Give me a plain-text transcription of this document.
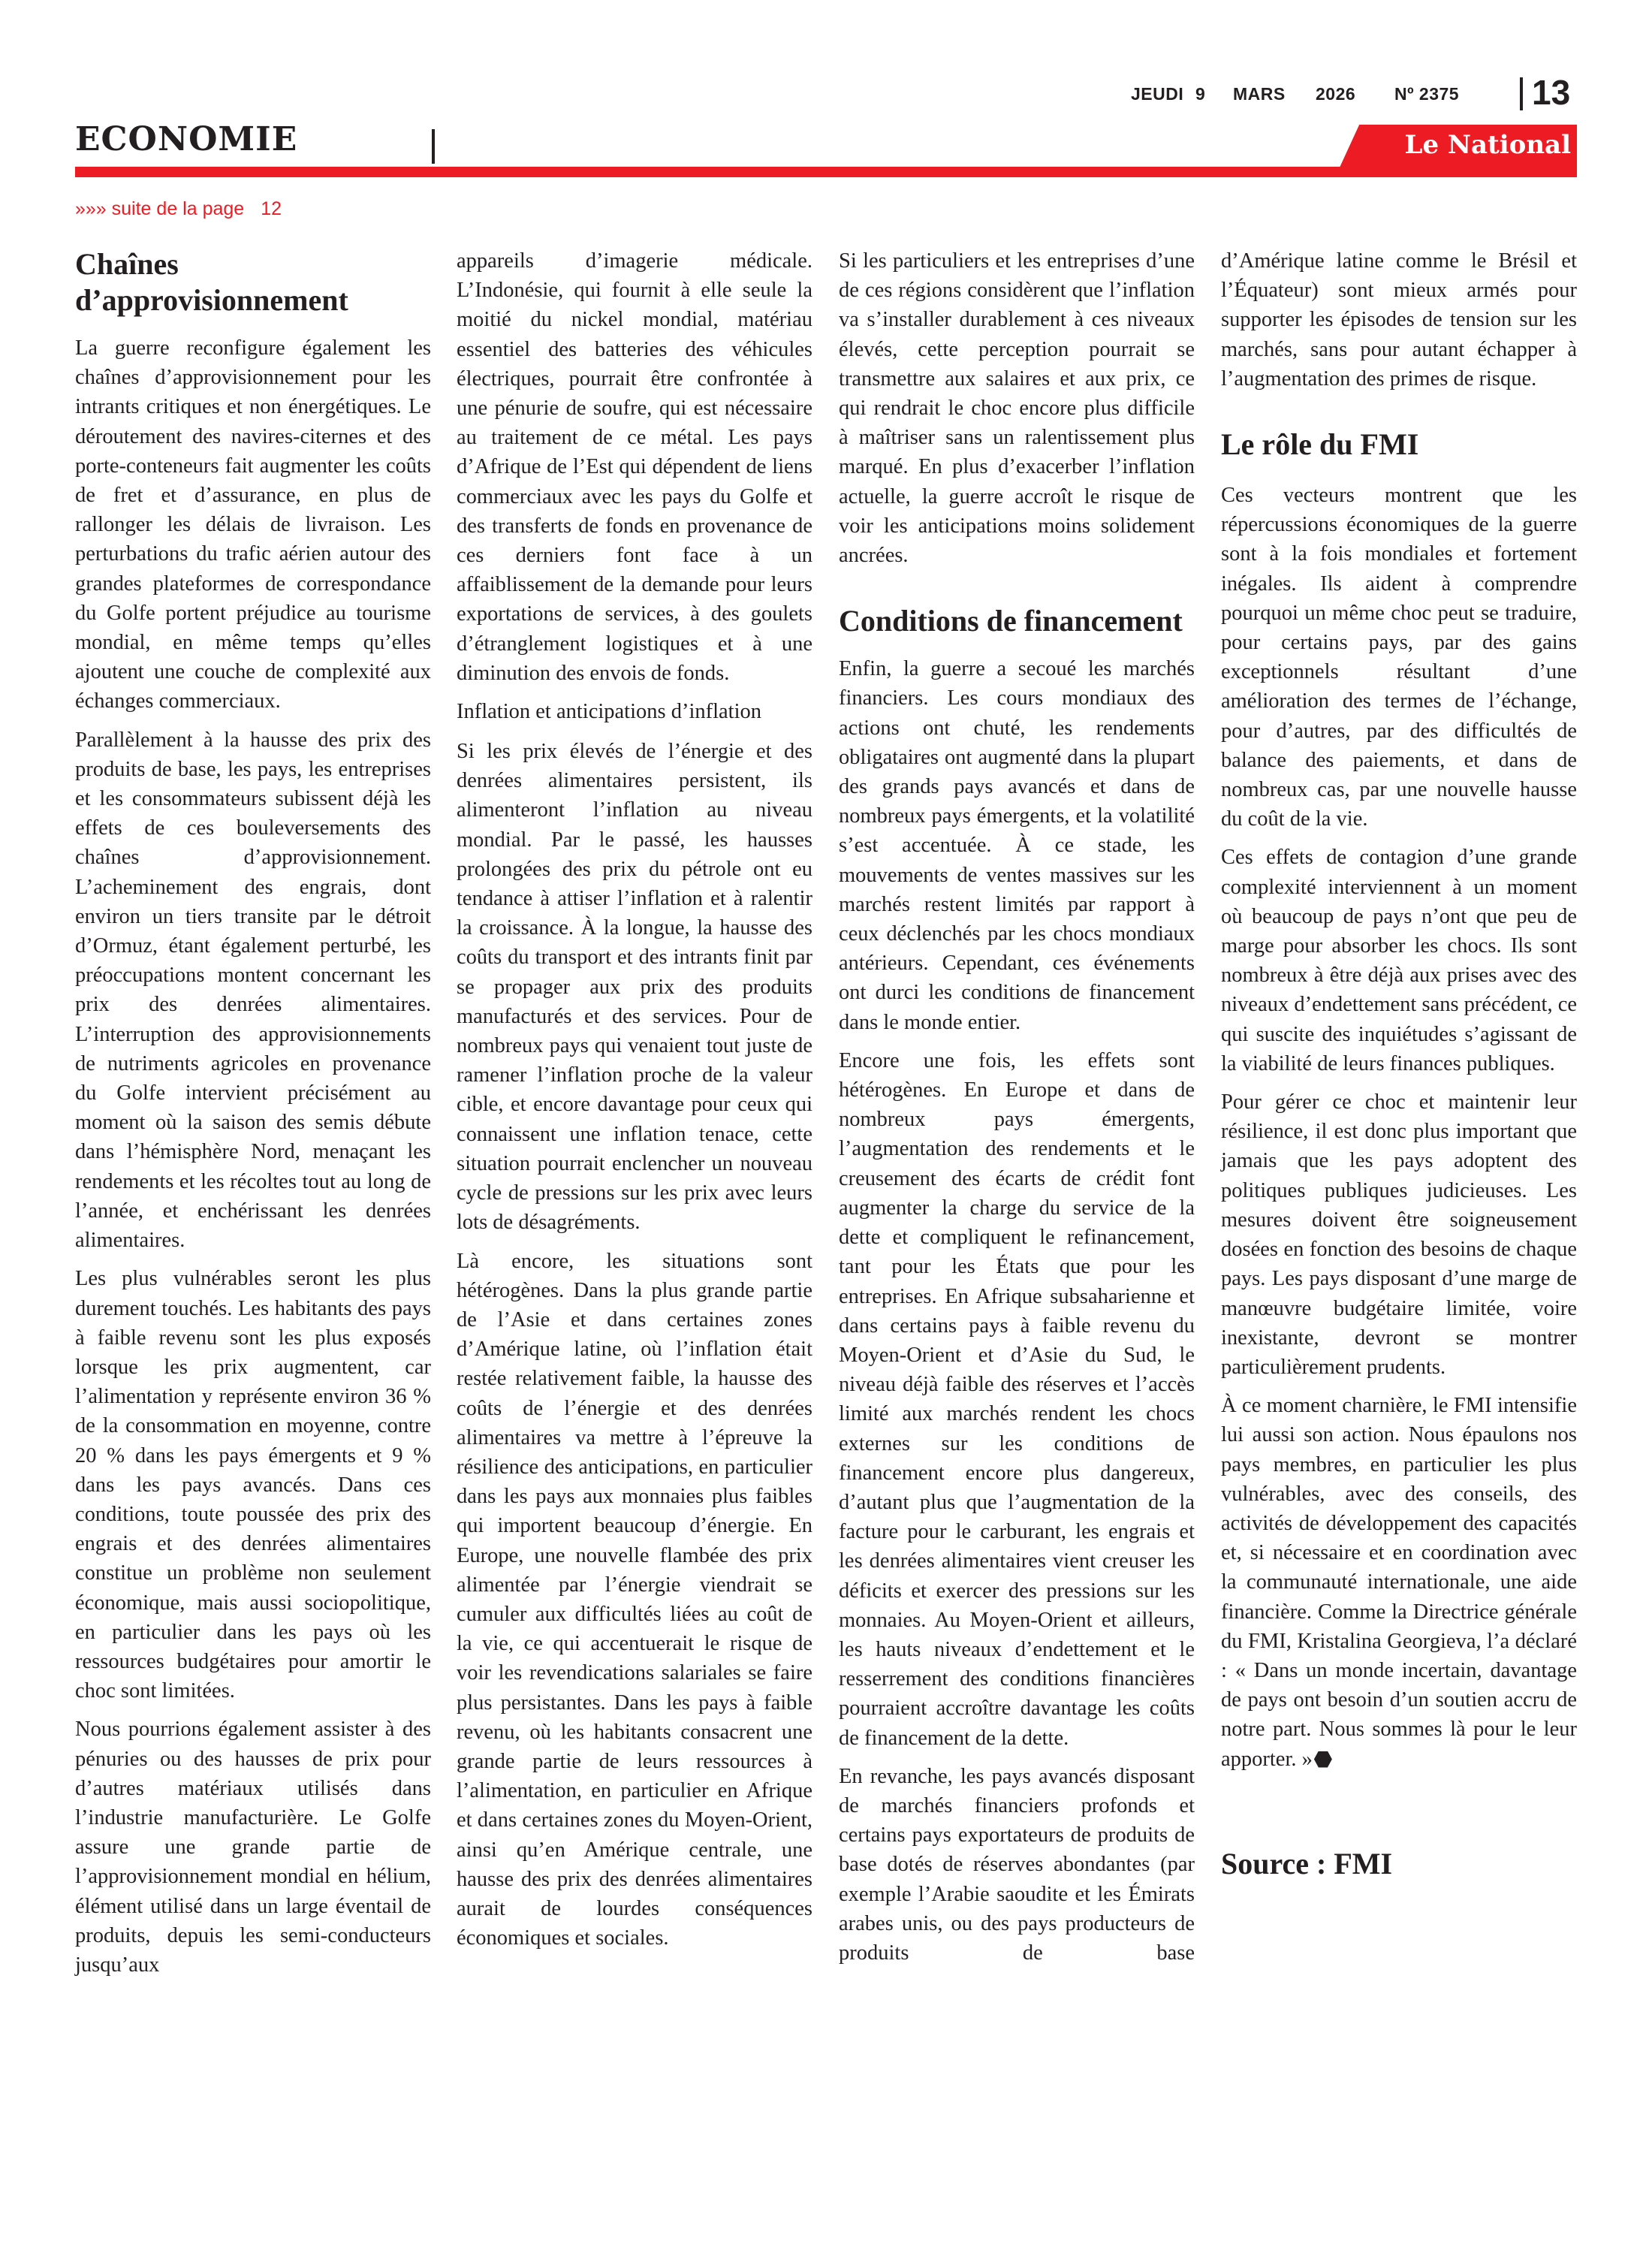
JEUDI 9	MARS	2026	Nº 2375 13
ECONOMIE	Le National
»»» suite de la page 12
Chaînes d’approvisionnement

La guerre reconfigure également les chaînes d’approvisionnement pour les intrants critiques et non énergétiques. Le déroutement des navires-citernes et des porte-conteneurs fait augmenter les coûts de fret et d’assurance, en plus de rallonger les délais de livraison. Les perturbations du trafic aérien autour des grandes plateformes de correspondance du Golfe portent préjudice au tourisme mondial, en même temps qu’elles ajoutent une couche de complexité aux échanges commerciaux.

Parallèlement à la hausse des prix des produits de base, les pays, les entreprises et les consommateurs subissent déjà les effets de ces bouleversements des chaînes d’approvisionnement. L’acheminement des engrais, dont environ un tiers transite par le détroit d’Ormuz, étant également perturbé, les préoccupations montent concernant les prix des denrées alimentaires. L’interruption des approvisionnements de nutriments agricoles en provenance du Golfe intervient précisément au moment où la saison des semis débute dans l’hémisphère Nord, menaçant les rendements et les récoltes tout au long de l’année, et enchérissant les denrées alimentaires.

Les plus vulnérables seront les plus durement touchés. Les habitants des pays à faible revenu sont les plus exposés lorsque les prix augmentent, car l’alimentation y représente environ 36 % de la consommation en moyenne, contre 20 % dans les pays émergents et 9 % dans les pays avancés. Dans ces conditions, toute poussée des prix des engrais et des denrées alimentaires constitue un problème non seulement économique, mais aussi sociopolitique, en particulier dans les pays où les ressources budgétaires pour amortir le choc sont limitées.

Nous pourrions également assister à des pénuries ou des hausses de prix pour d’autres matériaux utilisés dans l’industrie manufacturière. Le Golfe assure une grande partie de l’approvisionnement mondial en hélium, élément utilisé dans un large éventail de produits, depuis les semi-conducteurs jusqu’aux

appareils d’imagerie médicale. L’Indonésie, qui fournit à elle seule la moitié du nickel mondial, matériau essentiel des batteries des véhicules électriques, pourrait être confrontée à une pénurie de soufre, qui est nécessaire au traitement de ce métal. Les pays d’Afrique de l’Est qui dépendent de liens commerciaux avec les pays du Golfe et des transferts de fonds en provenance de ces derniers font face à un affaiblissement de la demande pour leurs exportations de services, à des goulets d’étranglement logistiques et à une diminution des envois de fonds.

Inflation et anticipations d’inflation

Si les prix élevés de l’énergie et des denrées alimentaires persistent, ils alimenteront l’inflation au niveau mondial. Par le passé, les hausses prolongées des prix du pétrole ont eu tendance à attiser l’inflation et à ralentir la croissance. À la longue, la hausse des coûts du transport et des intrants finit par se propager aux prix des produits manufacturés et des services. Pour de nombreux pays qui venaient tout juste de ramener l’inflation proche de la valeur cible, et encore davantage pour ceux qui connaissent une inflation tenace, cette situation pourrait enclencher un nouveau cycle de pressions sur les prix avec leurs lots de désagréments.

Là encore, les situations sont hétérogènes. Dans la plus grande partie de l’Asie et dans certaines zones d’Amérique latine, où l’inflation était restée relativement faible, la hausse des coûts de l’énergie et des denrées alimentaires va mettre à l’épreuve la résilience des anticipations, en particulier dans les pays aux monnaies plus faibles qui importent beaucoup d’énergie. En Europe, une nouvelle flambée des prix alimentée par l’énergie viendrait se cumuler aux difficultés liées au coût de la vie, ce qui accentuerait le risque de voir les revendications salariales se faire plus persistantes. Dans les pays à faible revenu, où les habitants consacrent une grande partie de leurs ressources à l’alimentation, en particulier en Afrique et dans certaines zones du Moyen-Orient, ainsi qu’en Amérique centrale, une hausse des prix des denrées alimentaires aurait de lourdes conséquences économiques et sociales.

Si les particuliers et les entreprises d’une de ces régions considèrent que l’inflation va s’installer durablement à ces niveaux élevés, cette perception pourrait se transmettre aux salaires et aux prix, ce qui rendrait le choc encore plus difficile à maîtriser sans un ralentissement plus marqué. En plus d’exacerber l’inflation actuelle, la guerre accroît le risque de voir les anticipations moins solidement ancrées.

Conditions de financement

Enfin, la guerre a secoué les marchés financiers. Les cours mondiaux des actions ont chuté, les rendements obligataires ont augmenté dans la plupart des grands pays avancés et dans de nombreux pays émergents, et la volatilité s’est accentuée. À ce stade, les mouvements de ventes massives sur les marchés restent limités par rapport à ceux déclenchés par les chocs mondiaux antérieurs. Cependant, ces événements ont durci les conditions de financement dans le monde entier.

Encore une fois, les effets sont hétérogènes. En Europe et dans de nombreux pays émergents, l’augmentation des rendements et le creusement des écarts de crédit font augmenter la charge du service de la dette et compliquent le refinancement, tant pour les États que pour les entreprises. En Afrique subsaharienne et dans certains pays à faible revenu du Moyen-Orient et d’Asie du Sud, le niveau déjà faible des réserves et l’accès limité aux marchés rendent les chocs externes sur les conditions de financement encore plus dangereux, d’autant plus que l’augmentation de la facture pour le carburant, les engrais et les denrées alimentaires vient creuser les déficits et exercer des pressions sur les monnaies. Au Moyen-Orient et ailleurs, les hauts niveaux d’endettement et le resserrement des conditions financières pourraient accroître davantage les coûts de financement de la dette.

En revanche, les pays avancés disposant de marchés financiers profonds et certains pays exportateurs de produits de base dotés de réserves abondantes (par exemple l’Arabie saoudite et les Émirats arabes unis, ou des pays producteurs de produits de base

d’Amérique latine comme le Brésil et l’Équateur) sont mieux armés pour supporter les épisodes de tension sur les marchés, sans pour autant échapper à l’augmentation des primes de risque.

Le rôle du FMI

Ces vecteurs montrent que les répercussions économiques de la guerre sont à la fois mondiales et fortement inégales. Ils aident à comprendre pourquoi un même choc peut se traduire, pour certains pays, par des gains exceptionnels résultant d’une amélioration des termes de l’échange, pour d’autres, par des difficultés de balance des paiements, et dans de nombreux cas, par une nouvelle hausse du coût de la vie.

Ces effets de contagion d’une grande complexité interviennent à un moment où beaucoup de pays n’ont que peu de marge pour absorber les chocs. Ils sont nombreux à être déjà aux prises avec des niveaux d’endettement sans précédent, ce qui suscite des inquiétudes s’agissant de la viabilité de leurs finances publiques.

Pour gérer ce choc et maintenir leur résilience, il est donc plus important que jamais que les pays adoptent des politiques publiques judicieuses. Les mesures doivent être soigneusement dosées en fonction des besoins de chaque pays. Les pays disposant d’une marge de manœuvre budgétaire limitée, voire inexistante, devront se montrer particulièrement prudents.

À ce moment charnière, le FMI intensifie lui aussi son action. Nous épaulons nos pays membres, en particulier les plus vulnérables, avec des conseils, des activités de développement des capacités et, si nécessaire et en coordination avec la communauté internationale, une aide financière. Comme la Directrice générale du FMI, Kristalina Georgieva, l’a déclaré : « Dans un monde incertain, davantage de pays ont besoin d’un soutien accru de notre part. Nous sommes là pour le leur apporter. »

Source : FMI
